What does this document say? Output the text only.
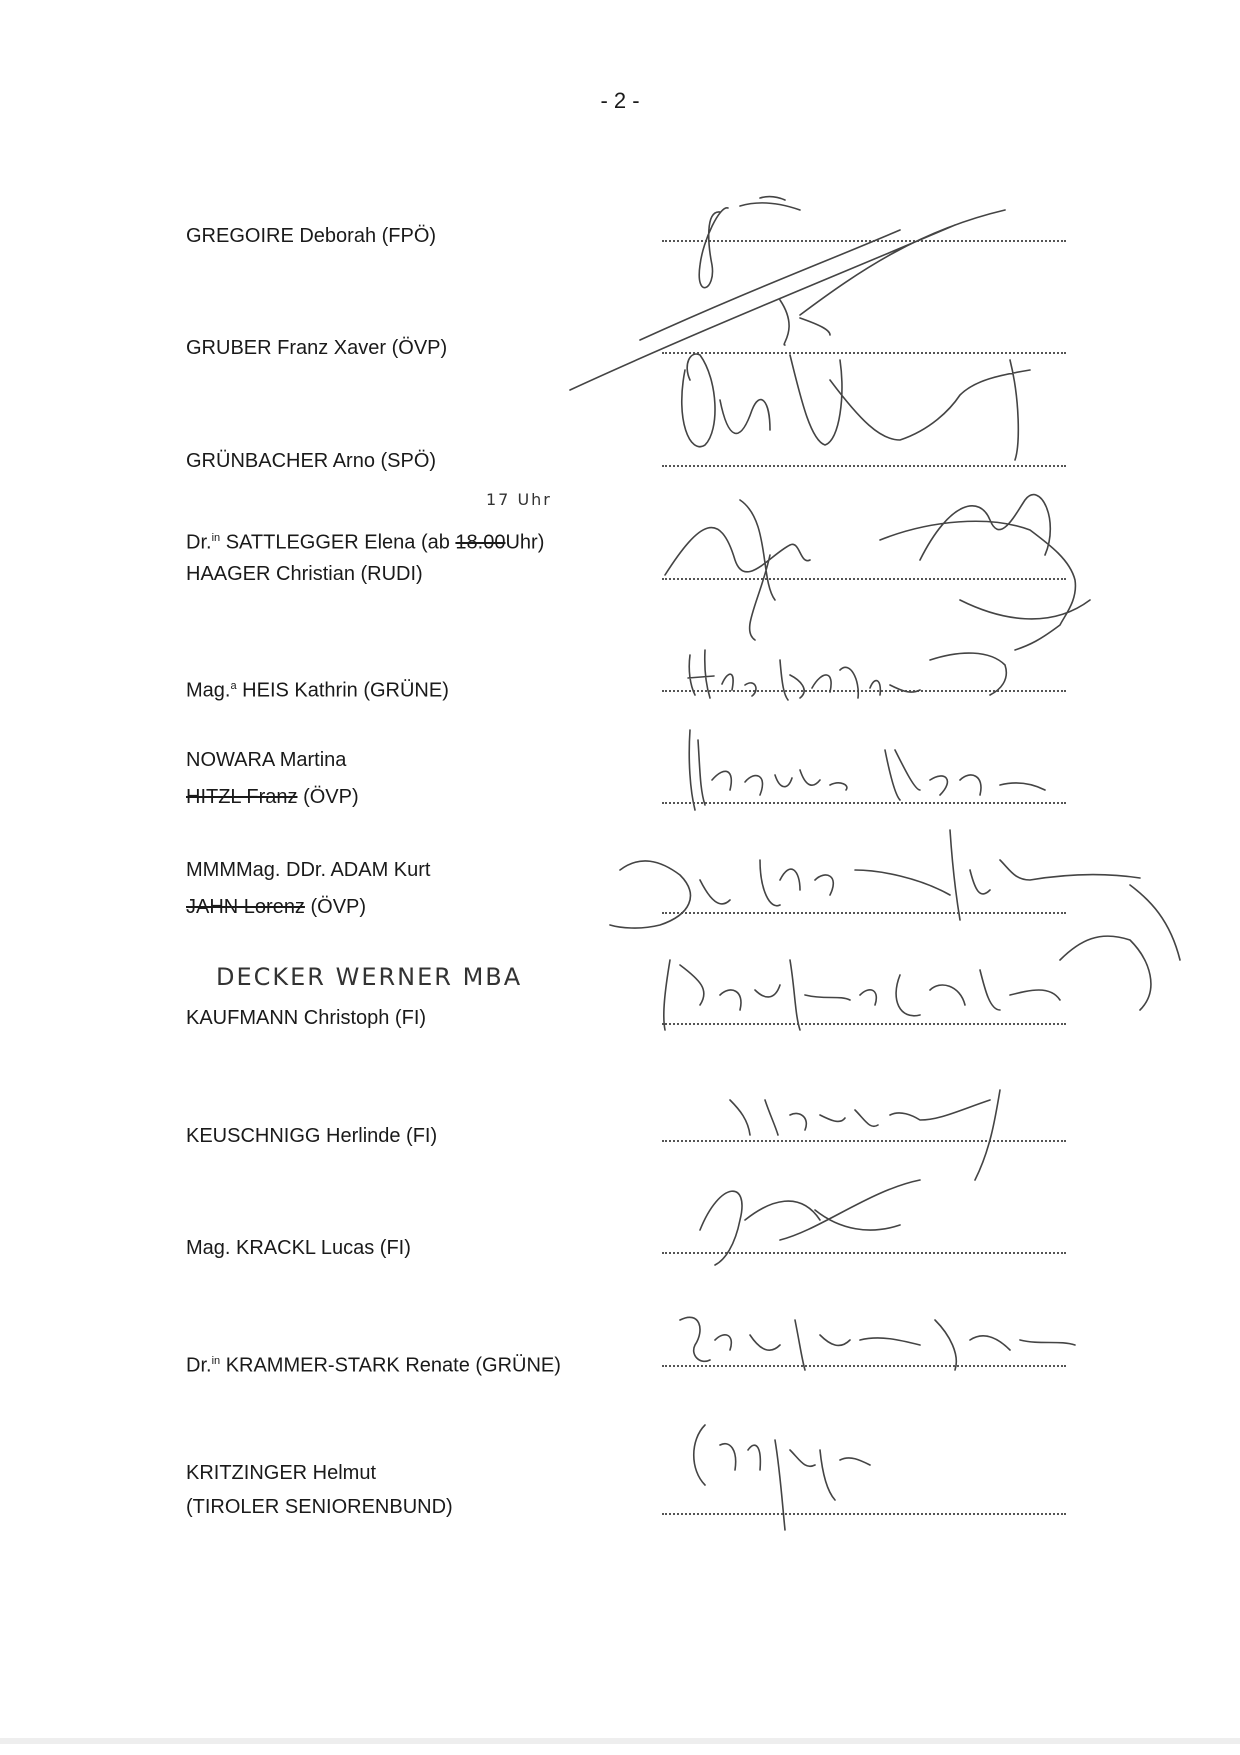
- 2 -
GREGOIRE Deborah (FPÖ)
GRUBER Franz Xaver (ÖVP)
GRÜNBACHER Arno (SPÖ)
17 Uhr
Dr.$^{in}$ SATTLEGGER Elena (ab 18.00Uhr)
HAAGER Christian (RUDI)
Mag.$^a$ HEIS Kathrin (GRÜNE)
NOWARA Martina
HITZL Franz (ÖVP)
MMMMag. DDr. ADAM Kurt
JAHN Lorenz (ÖVP)
DECKER WERNER MBA
KAUFMANN Christoph (FI)
KEUSCHNIGG Herlinde (FI)
Mag. KRACKL Lucas (FI)
Dr.$^{in}$ KRAMMER-STARK Renate (GRÜNE)
KRITZINGER Helmut
(TIROLER SENIORENBUND)
